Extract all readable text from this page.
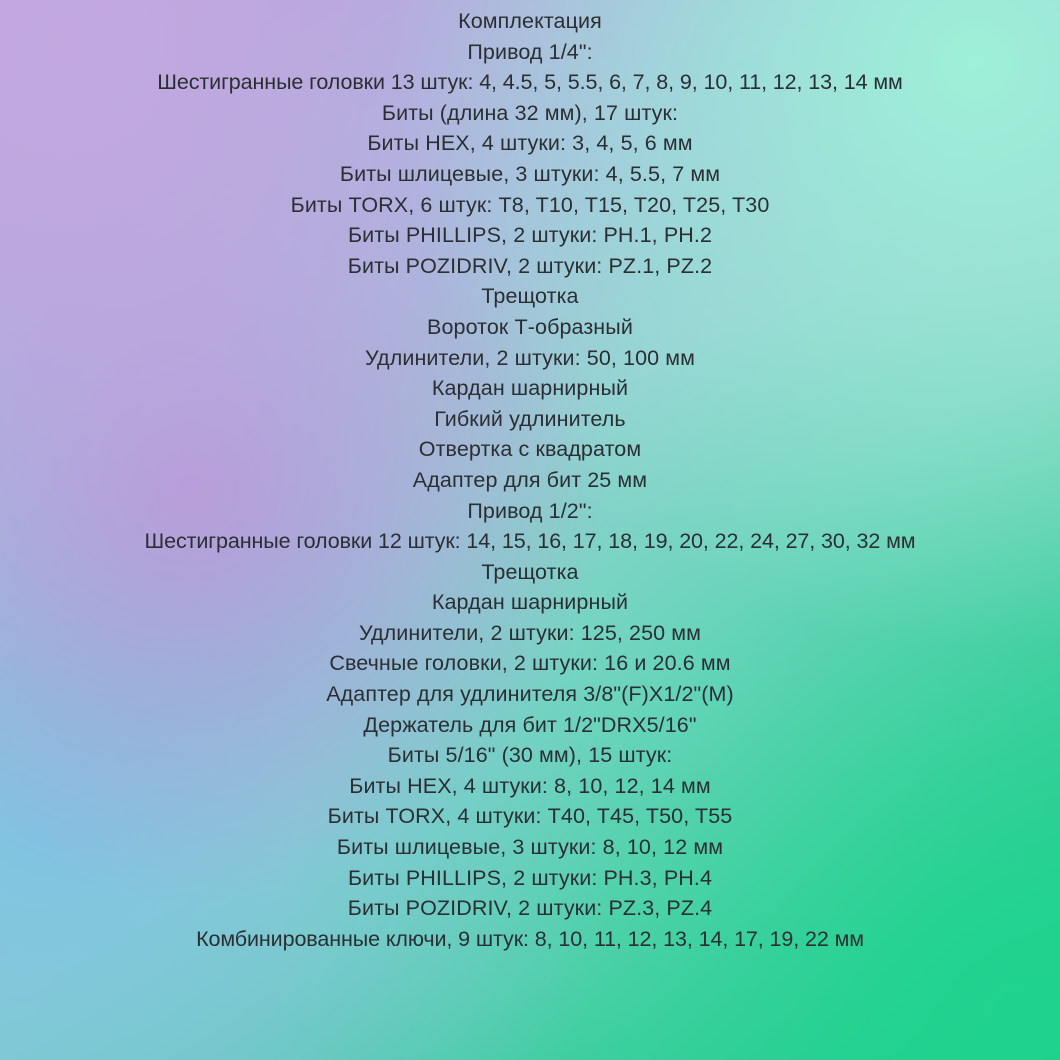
Комплектация
Привод 1/4":
Шестигранные головки 13 штук: 4, 4.5, 5, 5.5, 6, 7, 8, 9, 10, 11, 12, 13, 14 мм
Биты (длина 32 мм), 17 штук:
Биты HEX, 4 штуки: 3, 4, 5, 6 мм
Биты шлицевые, 3 штуки: 4, 5.5, 7 мм
Биты TORX, 6 штук: T8, T10, T15, T20, T25, T30
Биты PHILLIPS, 2 штуки: PH.1, PH.2
Биты POZIDRIV, 2 штуки: PZ.1, PZ.2
Трещотка
Вороток Т-образный
Удлинители, 2 штуки: 50, 100 мм
Кардан шарнирный
Гибкий удлинитель
Отвертка с квадратом
Адаптер для бит 25 мм
Привод 1/2":
Шестигранные головки 12 штук: 14, 15, 16, 17, 18, 19, 20, 22, 24, 27, 30, 32 мм
Трещотка
Кардан шарнирный
Удлинители, 2 штуки: 125, 250 мм
Свечные головки, 2 штуки: 16 и 20.6 мм
Адаптер для удлинителя 3/8"(F)X1/2"(M)
Держатель для бит 1/2"DRX5/16"
Биты 5/16" (30 мм), 15 штук:
Биты HEX, 4 штуки: 8, 10, 12, 14 мм
Биты TORX, 4 штуки: T40, T45, T50, T55
Биты шлицевые, 3 штуки: 8, 10, 12 мм
Биты PHILLIPS, 2 штуки: PH.3, PH.4
Биты POZIDRIV, 2 штуки: PZ.3, PZ.4
Комбинированные ключи, 9 штук: 8, 10, 11, 12, 13, 14, 17, 19, 22 мм
